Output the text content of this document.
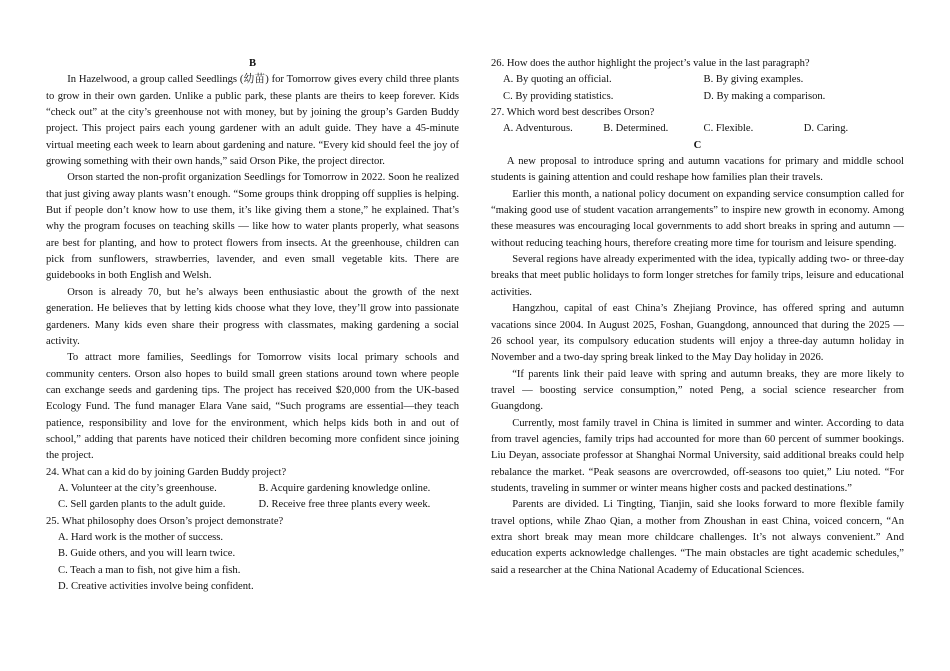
B

In Hazelwood, a group called Seedlings (幼苗) for Tomorrow gives every child three plants to grow in their own garden. Unlike a public park, these plants are theirs to keep forever. Kids “check out” at the city’s greenhouse not with money, but by joining the group’s Garden Buddy project. This project pairs each young gardener with an adult guide. They have a 45-minute virtual meeting each week to learn about gardening and nature. “Every kid should feel the joy of growing something with their own hands,” said Orson Pike, the project director.

Orson started the non-profit organization Seedlings for Tomorrow in 2022. Soon he realized that just giving away plants wasn’t enough. “Some groups think dropping off supplies is helping. But if people don’t know how to use them, it’s like giving them a stone,” he explained. That’s why the program focuses on teaching skills — like how to water plants properly, what seasons are best for planting, and how to protect flowers from insects. At the greenhouse, children can pick from sunflowers, strawberries, lavender, and even small vegetable kits. There are guidebooks in both English and Welsh.

Orson is already 70, but he’s always been enthusiastic about the growth of the next generation. He believes that by letting kids choose what they love, they’ll grow into passionate gardeners. Many kids even share their progress with classmates, making gardening a social activity.

To attract more families, Seedlings for Tomorrow visits local primary schools and community centers. Orson also hopes to build small green stations around town where people can exchange seeds and gardening tips. The project has received $20,000 from the UK-based Ecology Fund. The fund manager Elara Vane said, “Such programs are essential—they teach patience, responsibility and love for the environment, which helps kids both in and out of school,” adding that parents have noticed their children becoming more confident since joining the project.

24. What can a kid do by joining Garden Buddy project?

A. Volunteer at the city’s greenhouse.	B. Acquire gardening knowledge online.

C. Sell garden plants to the adult guide.	D. Receive free three plants every week.

25. What philosophy does Orson’s project demonstrate?

A. Hard work is the mother of success.

B. Guide others, and you will learn twice.

C. Teach a man to fish, not give him a fish.

D. Creative activities involve being confident.

26. How does the author highlight the project’s value in the last paragraph?

A. By quoting an official.	B. By giving examples.

C. By providing statistics.	D. By making a comparison.

27. Which word best describes Orson?

A. Adventurous.	B. Determined.	C. Flexible.	D. Caring.

C

A new proposal to introduce spring and autumn vacations for primary and middle school students is gaining attention and could reshape how families plan their travels.

Earlier this month, a national policy document on expanding service consumption called for “making good use of student vacation arrangements” to inspire new growth in economy. Among these measures was encouraging local governments to add short breaks in spring and autumn — without reducing teaching hours, therefore creating more time for tourism and leisure spending.

Several regions have already experimented with the idea, typically adding two- or three-day breaks that meet public holidays to form longer stretches for family trips, leisure and educational activities.

Hangzhou, capital of east China’s Zhejiang Province, has offered spring and autumn vacations since 2004. In August 2025, Foshan, Guangdong, announced that during the 2025 — 26 school year, its compulsory education students will enjoy a three-day autumn holiday in November and a two-day spring break linked to the May Day holiday in 2026.

“If parents link their paid leave with spring and autumn breaks, they are more likely to travel — boosting service consumption,” noted Peng, a social science researcher from Guangdong.

Currently, most family travel in China is limited in summer and winter. According to data from travel agencies, family trips had accounted for more than 60 percent of summer bookings. Liu Deyan, associate professor at Shanghai Normal University, said additional breaks could help rebalance the market. “Peak seasons are overcrowded, off-seasons too quiet,” Liu noted. “For students, traveling in summer or winter means higher costs and packed destinations.”

Parents are divided. Li Tingting, Tianjin, said she looks forward to more flexible family travel options, while Zhao Qian, a mother from Zhoushan in east China, voiced concern, “An extra short break may mean more childcare challenges. It’s not always convenient.” And education experts acknowledge challenges. “The main obstacles are tight academic schedules,” said a researcher at the China National Academy of Educational Sciences.
